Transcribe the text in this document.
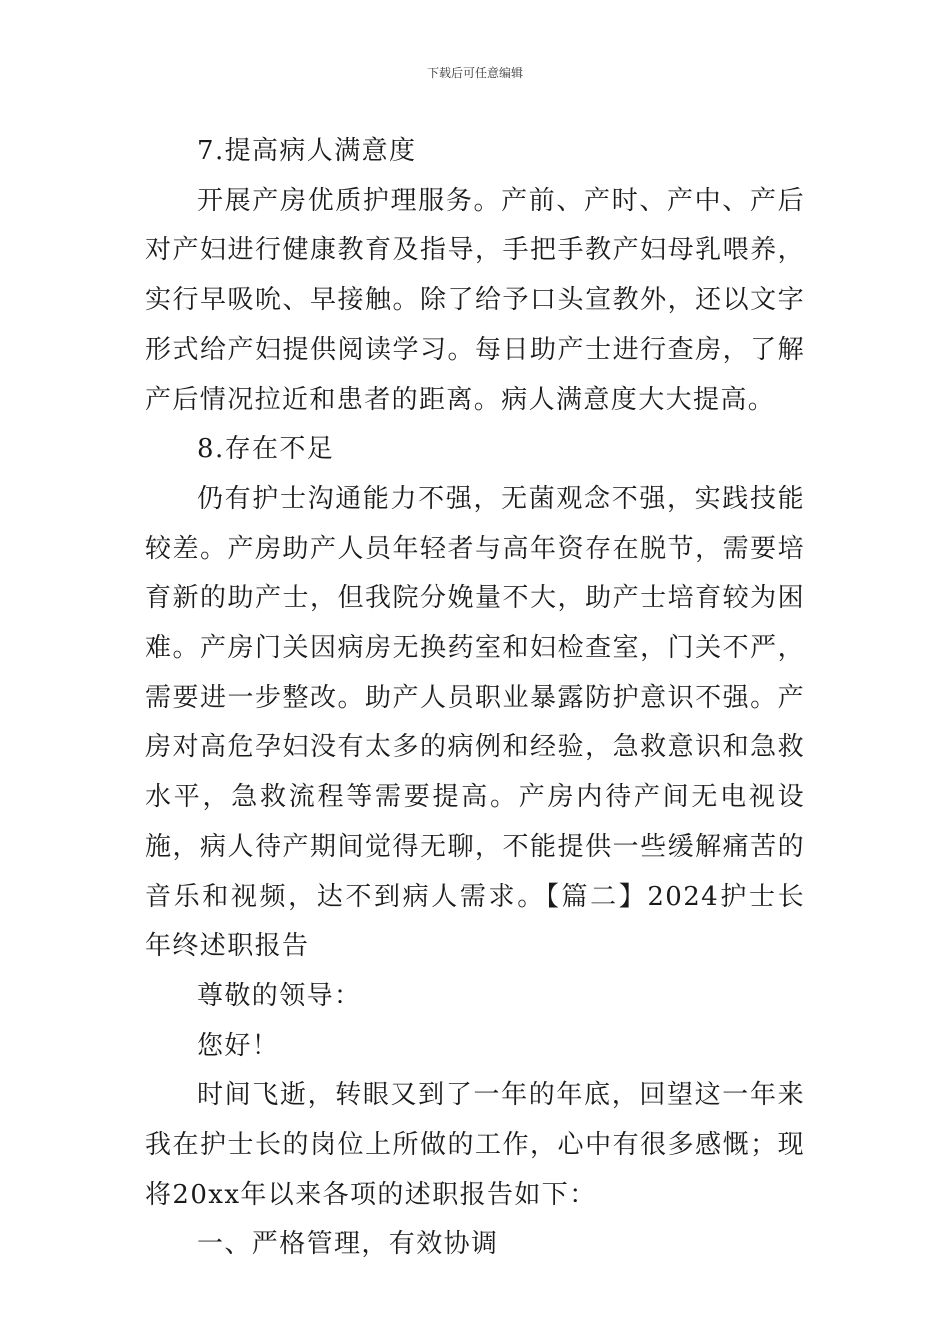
下载后可任意编辑
7.提高病人满意度
开展产房优质护理服务。产前、产时、产中、产后对产妇进行健康教育及指导，手把手教产妇母乳喂养，实行早吸吮、早接触。除了给予口头宣教外，还以文字形式给产妇提供阅读学习。每日助产士进行查房，了解产后情况拉近和患者的距离。病人满意度大大提高。
8.存在不足
仍有护士沟通能力不强，无菌观念不强，实践技能较差。产房助产人员年轻者与高年资存在脱节，需要培育新的助产士，但我院分娩量不大，助产士培育较为困难。产房门关因病房无换药室和妇检查室，门关不严，需要进一步整改。助产人员职业暴露防护意识不强。产房对高危孕妇没有太多的病例和经验，急救意识和急救水平，急救流程等需要提高。产房内待产间无电视设施，病人待产期间觉得无聊，不能提供一些缓解痛苦的音乐和视频，达不到病人需求。【篇二】2024护士长年终述职报告
尊敬的领导：
您好！
时间飞逝，转眼又到了一年的年底，回望这一年来我在护士长的岗位上所做的工作，心中有很多感慨；现将20xx年以来各项的述职报告如下：
一、严格管理，有效协调
